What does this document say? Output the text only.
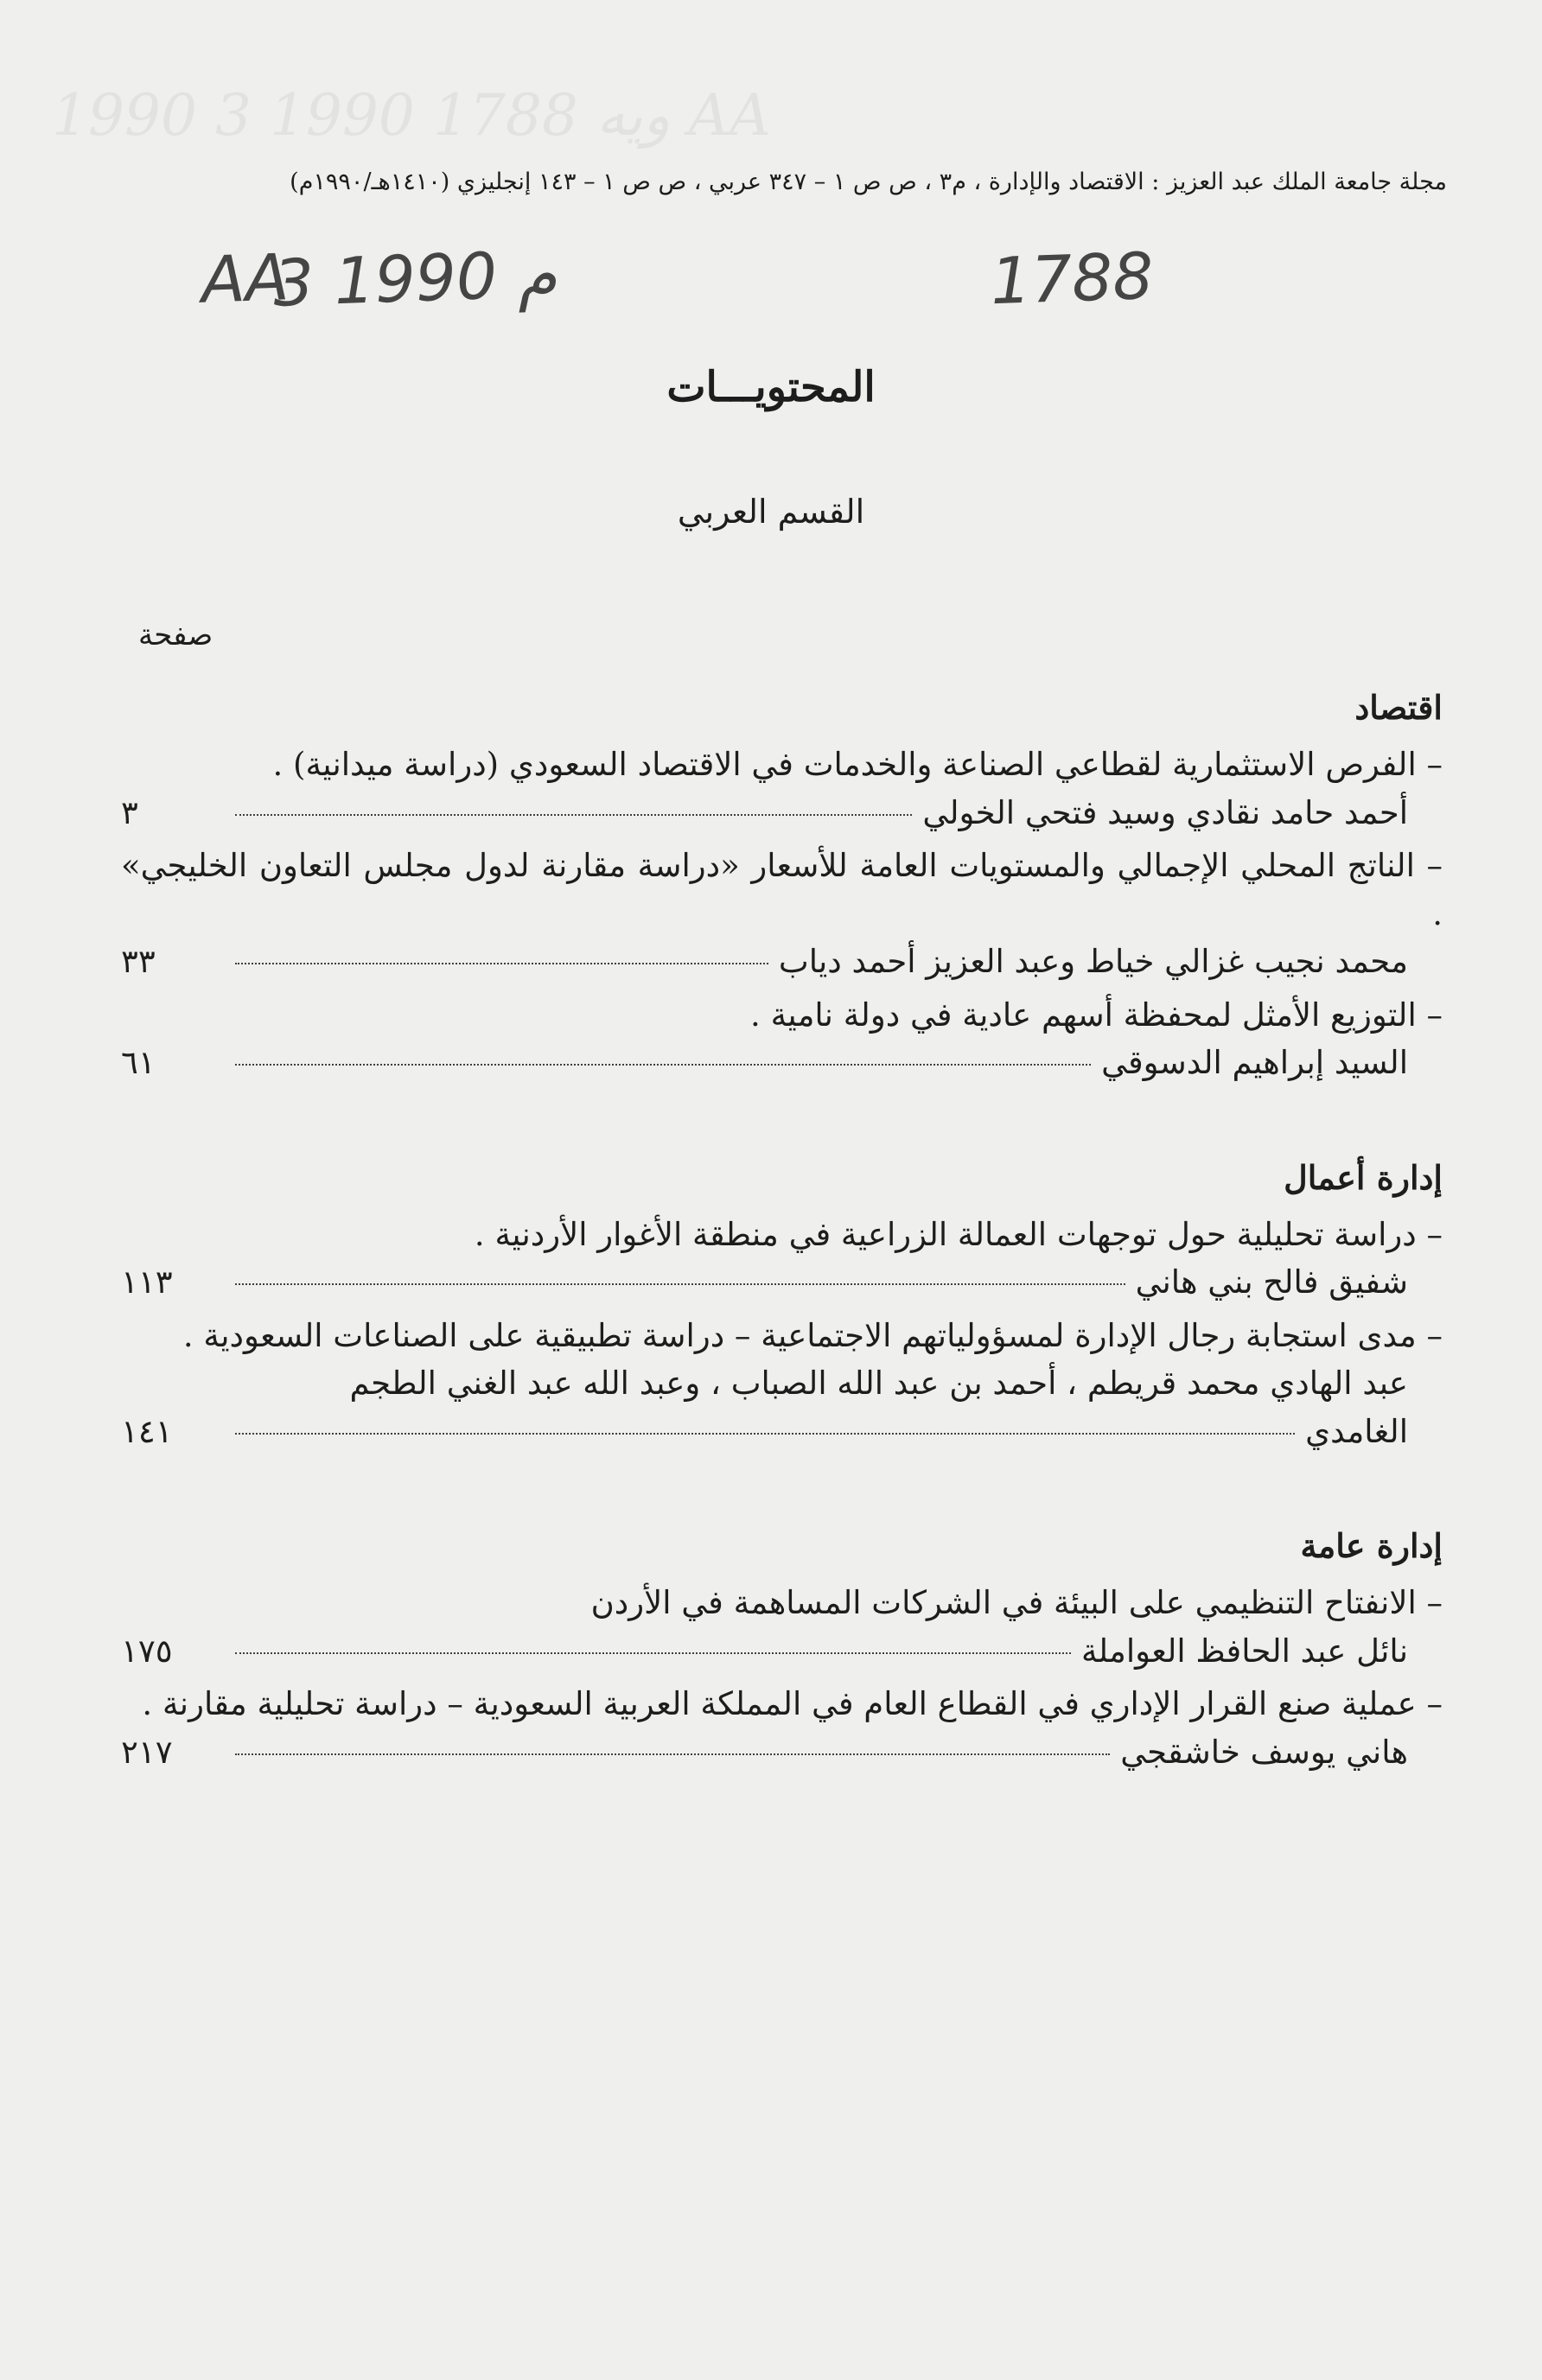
ويه 1788 1990 3 1990 AA
مجلة جامعة الملك عبد العزيز : الاقتصاد والإدارة ، م٣ ، ص ص ١ – ٣٤٧ عربي ، ص ص ١ – ١٤٣ إنجليزي (١٤١٠هـ/١٩٩٠م)
AA
3 م 1990	1788
المحتويـــات
القسم العربي
صفحة
اقتصاد
– الفرص الاستثمارية لقطاعي الصناعة والخدمات في الاقتصاد السعودي (دراسة ميدانية) .
أحمد حامد نقادي وسيد فتحي الخولي
٣
– الناتج المحلي الإجمالي والمستويات العامة للأسعار «دراسة مقارنة لدول مجلس التعاون الخليجي» .
محمد نجيب غزالي خياط وعبد العزيز أحمد دياب
٣٣
– التوزيع الأمثل لمحفظة أسهم عادية في دولة نامية .
السيد إبراهيم الدسوقي
٦١
إدارة أعمال
– دراسة تحليلية حول توجهات العمالة الزراعية في منطقة الأغوار الأردنية .
شفيق فالح بني هاني
١١٣
– مدى استجابة رجال الإدارة لمسؤولياتهم الاجتماعية – دراسة تطبيقية على الصناعات السعودية .
عبد الهادي محمد قريطم ، أحمد بن عبد الله الصباب ، وعبد الله عبد الغني الطجم
الغامدي
١٤١
إدارة عامة
– الانفتاح التنظيمي على البيئة في الشركات المساهمة في الأردن
نائل عبد الحافظ العواملة
١٧٥
– عملية صنع القرار الإداري في القطاع العام في المملكة العربية السعودية – دراسة تحليلية مقارنة .
هاني يوسف خاشقجي
٢١٧
